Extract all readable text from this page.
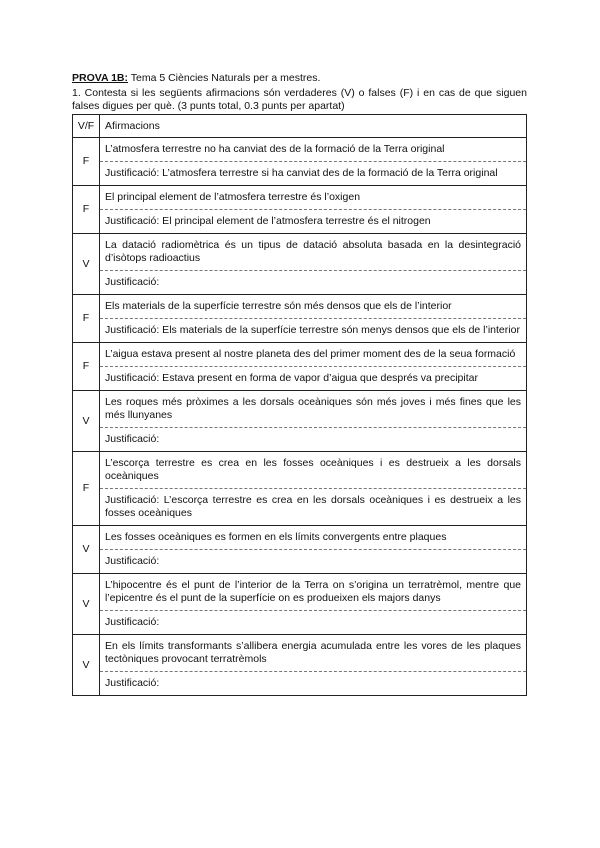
PROVA 1B: Tema 5 Ciències Naturals per a mestres.
1. Contesta si les següents afirmacions són verdaderes (V) o falses (F) i en cas de que siguen falses digues per què. (3 punts total, 0.3 punts per apartat)
V/F	Afirmacions
F	L’atmosfera terrestre no ha canviat des de la formació de la Terra original
Justificació: L’atmosfera terrestre si ha canviat des de la formació de la Terra original

F	El principal element de l’atmosfera terrestre és l’oxigen
Justificació: El principal element de l’atmosfera terrestre és el nitrogen

V	La datació radiomètrica és un tipus de datació absoluta basada en la desintegració d’isòtops radioactius
Justificació:

F	Els materials de la superfície terrestre són més densos que els de l’interior
Justificació: Els materials de la superfície terrestre són menys densos que els de l’interior

F	L’aigua estava present al nostre planeta des del primer moment des de la seua formació
Justificació: Estava present en forma de vapor d’aigua que després va precipitar

V	Les roques més pròximes a les dorsals oceàniques són més joves i més fines que les més llunyanes
Justificació:

F	L’escorça terrestre es crea en les fosses oceàniques i es destrueix a les dorsals oceàniques
Justificació: L’escorça terrestre es crea en les dorsals oceàniques i es destrueix a les fosses oceàniques

V	Les fosses oceàniques es formen en els límits convergents entre plaques
Justificació:

V	L’hipocentre és el punt de l’interior de la Terra on s’origina un terratrèmol, mentre que l’epicentre és el punt de la superfície on es produeixen els majors danys
Justificació:

V	En els límits transformants s’allibera energia acumulada entre les vores de les plaques tectòniques provocant terratrèmols
Justificació:
